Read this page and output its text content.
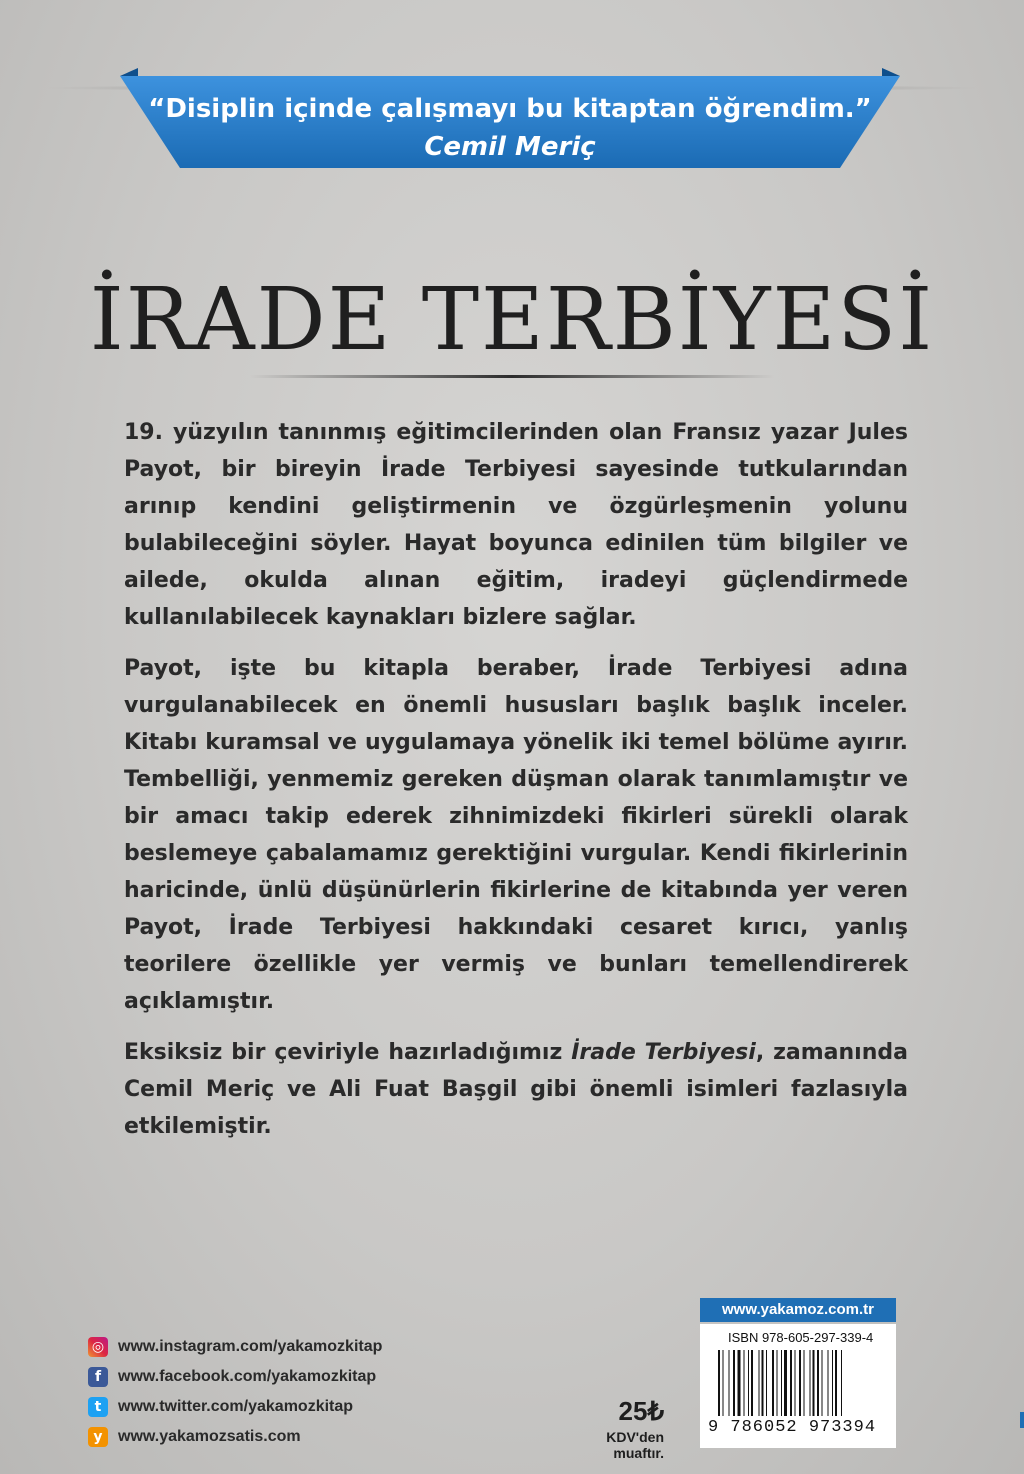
“Disiplin içinde çalışmayı bu kitaptan öğrendim.”
Cemil Meriç
İRADE TERBİYESİ

19. yüzyılın tanınmış eğitimcilerinden olan Fransız yazar Jules Payot, bir bireyin İrade Terbiyesi sayesinde tutkularından arınıp kendini geliştirmenin ve özgürleşmenin yolunu bulabileceğini söyler. Hayat boyunca edinilen tüm bilgiler ve ailede, okulda alınan eğitim, iradeyi güçlendirmede kullanılabilecek kaynakları bizlere sağlar.

Payot, işte bu kitapla beraber, İrade Terbiyesi adına vurgulanabilecek en önemli hususları başlık başlık inceler. Kitabı kuramsal ve uygulamaya yönelik iki temel bölüme ayırır. Tembelliği, yenmemiz gereken düşman olarak tanımlamıştır ve bir amacı takip ederek zihnimizdeki fikirleri sürekli olarak beslemeye çabalamamız gerektiğini vurgular. Kendi fikirlerinin haricinde, ünlü düşünürlerin fikirlerine de kitabında yer veren Payot, İrade Terbiyesi hakkındaki cesaret kırıcı, yanlış teorilere özellikle yer vermiş ve bunları temellendirerek açıklamıştır.

Eksiksiz bir çeviriyle hazırladığımız İrade Terbiyesi, zamanında Cemil Meriç ve Ali Fuat Başgil gibi önemli isimleri fazlasıyla etkilemiştir.

◎ www.instagram.com/yakamozkitap
f	www.facebook.com/yakamozkitap
t	www.twitter.com/yakamozkitap
y www.yakamozsatis.com
25₺
KDV'den muaftır.
www.yakamoz.com.tr
ISBN 978-605-297-339-4
9 786052 973394
